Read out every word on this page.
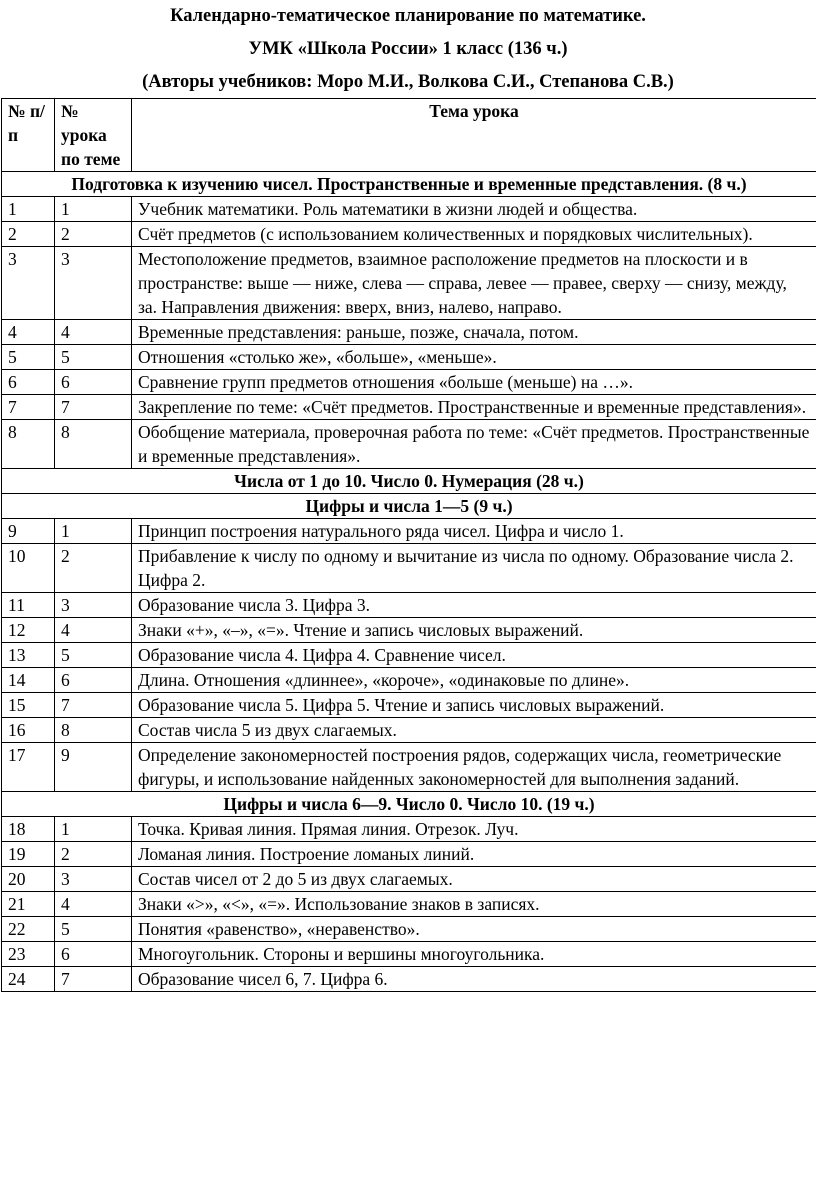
Календарно-тематическое планирование по математике.
УМК «Школа России» 1 класс (136 ч.)
(Авторы учебников: Моро М.И., Волкова С.И., Степанова С.В.)
№ п/п	№ урока по теме	Тема урока
Подготовка к изучению чисел. Пространственные и временные представления. (8 ч.)		
1	1	Учебник математики. Роль математики в жизни людей и общества.
2	2	Счёт предметов (с использованием количественных и порядковых числительных).
3	3	Местоположение предметов, взаимное расположение предметов на плоскости и в пространстве: выше — ниже, слева — справа, левее — правее, сверху — снизу, между, за. Направления движения: вверх, вниз, налево, направо.
4	4	Временные представления: раньше, позже, сначала, потом.
5	5	Отношения «столько же», «больше», «меньше».
6	6	Сравнение групп предметов отношения «больше (меньше) на …».
7	7	Закрепление по теме: «Счёт предметов. Пространственные и временные представления».
8	8	Обобщение материала, проверочная работа по теме: «Счёт предметов. Пространственные и временные представления».
Числа от 1 до 10. Число 0. Нумерация (28 ч.)		
Цифры и числа 1—5 (9 ч.)		
9	1	Принцип построения натурального ряда чисел. Цифра и число 1.
10	2	Прибавление к числу по одному и вычитание из числа по одному. Образование числа 2. Цифра 2.
11	3	Образование числа 3. Цифра 3.
12	4	Знаки «+», «–», «=». Чтение и запись числовых выражений.
13	5	Образование числа 4. Цифра 4. Сравнение чисел.
14	6	Длина. Отношения «длиннее», «короче», «одинаковые по длине».
15	7	Образование числа 5. Цифра 5. Чтение и запись числовых выражений.
16	8	Состав числа 5 из двух слагаемых.
17	9	Определение закономерностей построения рядов, содержащих числа, геометрические фигуры, и использование найденных закономерностей для выполнения заданий.
Цифры и числа 6—9. Число 0. Число 10. (19 ч.)		
18	1	Точка. Кривая линия. Прямая линия. Отрезок. Луч.
19	2	Ломаная линия. Построение ломаных линий.
20	3	Состав чисел от 2 до 5 из двух слагаемых.
21	4	Знаки «>», «<», «=». Использование знаков в записях.
22	5	Понятия «равенство», «неравенство».
23	6	Многоугольник. Стороны и вершины многоугольника.
24	7	Образование чисел 6, 7. Цифра 6.
